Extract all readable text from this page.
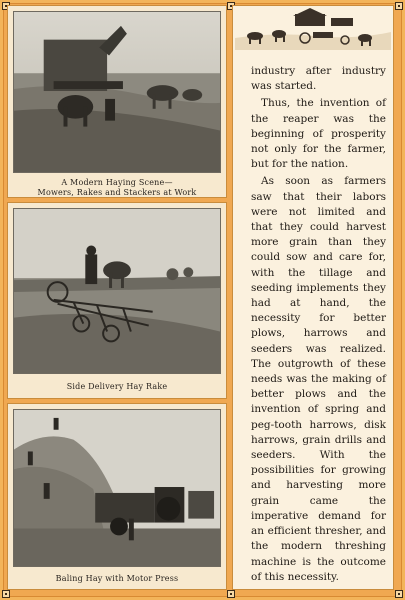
A Modern Haying Scene—
Mowers, Rakes and Stackers at Work
Side Delivery Hay Rake
Baling Hay with Motor Press

industry after industry was started.

Thus, the invention of the reaper was the beginning of prosperity not only for the farmer, but for the nation.

As soon as farmers saw that their labors were not limited and that they could harvest more grain than they could sow and care for, with the tillage and seeding implements they had at hand, the necessity for better plows, harrows and seeders was realized. The outgrowth of these needs was the making of better plows and the invention of spring and peg-tooth harrows, disk harrows, grain drills and seeders. With the possibilities for growing and harvesting more grain came the imperative demand for an efficient thresher, and the modern threshing machine is the outcome of this necessity.
